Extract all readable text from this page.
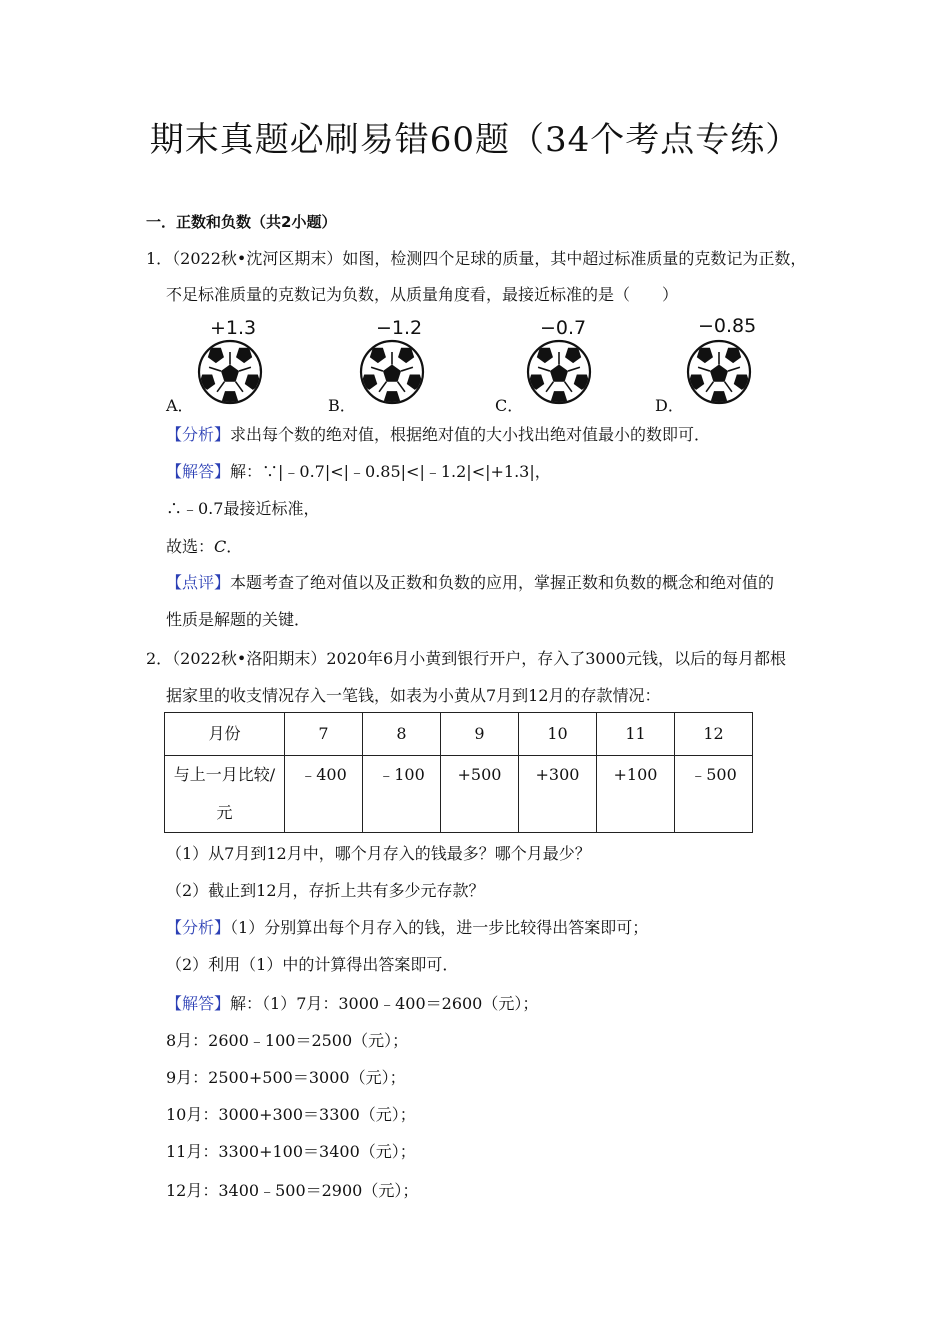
期末真题必刷易错60题（34个考点专练）
一．正数和负数（共2小题）
1．（2022秋•沈河区期末）如图，检测四个足球的质量，其中超过标准质量的克数记为正数，
不足标准质量的克数记为负数，从质量角度看，最接近标准的是（　　）
+1.3	−1.2	−0.7	−0.85
A．	B．	C．	D．
【分析】求出每个数的绝对值，根据绝对值的大小找出绝对值最小的数即可．
【解答】解：∵|﹣0.7|<|﹣0.85|<|﹣1.2|<|+1.3|，
∴﹣0.7最接近标准，
故选：C．
【点评】本题考查了绝对值以及正数和负数的应用，掌握正数和负数的概念和绝对值的
性质是解题的关键．
2．（2022秋•洛阳期末）2020年6月小黄到银行开户，存入了3000元钱，以后的每月都根
据家里的收支情况存入一笔钱，如表为小黄从7月到12月的存款情况：
月份	7	8	9	10	11	12

与上一月比较/
元	﹣400	﹣100	+500	+300	+100	﹣500
（1）从7月到12月中，哪个月存入的钱最多？哪个月最少？
（2）截止到12月，存折上共有多少元存款？
【分析】（1）分别算出每个月存入的钱，进一步比较得出答案即可；
（2）利用（1）中的计算得出答案即可．
【解答】解：（1）7月：3000﹣400＝2600（元）；
8月：2600﹣100＝2500（元）；
9月：2500+500＝3000（元）；
10月：3000+300＝3300（元）；
11月：3300+100＝3400（元）；
12月：3400﹣500＝2900（元）；
